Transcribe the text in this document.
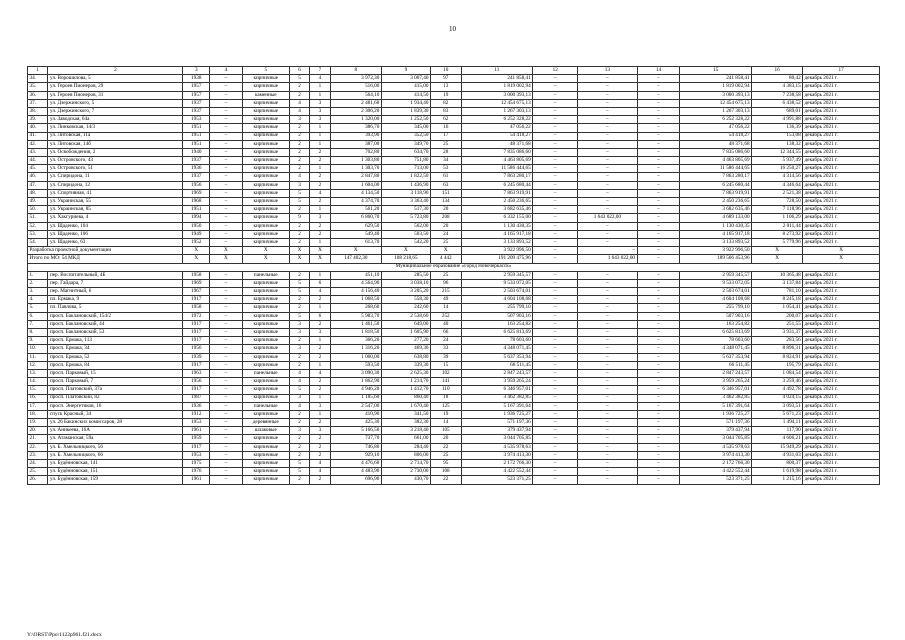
10
1	2	3	4	5	6	7	8	9	10	11	12	13	14	15	16	17
34.	ул. Ворошилова, 5	1938	–	кирпичные	5	4	3 972,30	3 007,40	97	241 858,41	–	–	–	241 858,41	80,42	декабрь 2021 г.
35.	ул. Героев Пионеров, 29	1957	–	кирпичные	2	1	516,00	415,00	13	1 819 002,94	–	–	–	1 819 002,94	4 383,15	декабрь 2021 г.
36.	ул. Героев Пионеров, 31	1957	–	каменные	2	1	564,10	414,50	19	3 000 393,13	–	–	–	3 000 393,13	7 238,58	декабрь 2021 г.
37.	ул. Дзержинского, 5	1937	–	кирпичные	4	3	2 481,60	1 934,40	82	12 454 675,13	–	–	–	12 454 675,13	6 438,52	декабрь 2021 г.
38.	ул. Дзержинского, 7	1937	–	кирпичные	4	3	2 306,20	1 839,30	83	1 267 303,13	–	–	–	1 267 303,13	689,01	декабрь 2021 г.
39.	ул. Заводская, 64а	1953	–	кирпичные	3	3	1 320,00	1 252,50	62	6 252 328,22	–	–	–	6 252 328,22	4 991,88	декабрь 2021 г.
40.	ул. Линковская, 14/3	1951	–	кирпичные	2	1	386,70	345,00	16	47 056,22	–	–	–	47 056,22	136,39	декабрь 2021 г.
41.	ул. Литовская, 11а	1951	–	кирпичные	2	1	393,90	352,50	17	54 418,27	–	–	–	54 418,27	153,08	декабрь 2021 г.
42.	ул. Литовская, 14б	1951	–	кирпичные	2	1	387,00	349,70	25	48 371,68	–	–	–	48 371,68	138,32	декабрь 2021 г.
43.	ул. Освобождения, 2	1940	–	кирпичные	2	2	702,80	634,70	28	7 835 086,60	–	–	–	7 835 086,60	12 344,55	декабрь 2021 г.
44.	ул. Островского, 43	1937	–	кирпичные	2	2	1 303,80	751,80	34	4 463 805,69	–	–	–	4 463 805,69	5 937,49	декабрь 2021 г.
45.	ул. Островского, 51	1936	–	кирпичные	2	1	1 303,70	713,00	53	11 586 444,65	–	–	–	11 586 444,65	16 250,27	декабрь 2021 г.
46.	ул. Спиридона, 11	1937	–	кирпичные	4	2	2 847,80	1 822,50	61	7 863 280,17	–	–	–	7 863 280,17	4 314,56	декабрь 2021 г.
47.	ул. Спиридона, 12	1956	–	кирпичные	3	2	1 604,00	1 436,90	63	6 245 680,44	–	–	–	6 245 680,44	4 346,64	декабрь 2021 г.
48.	ул. Спортивная, 41	1969	–	кирпичные	5	4	4 134,50	3 118,90	151	7 863 919,91	–	–	–	7 863 919,91	2 521,38	декабрь 2021 г.
49.	ул. Украинская, 55	1968	–	кирпичные	5	2	4 374,70	3 363,40	134	2 450 236,65	–	–	–	2 450 236,65	728,50	декабрь 2021 г.
50.	ул. Украинская, 85	1951	–	кирпичные	2	1	561,20	517,30	20	3 682 635,46	–	–	–	3 682 635,46	7 118,96	декабрь 2021 г.
51.	ул. Хакгуриева, 4	1994	–	кирпичные	9	3	6 860,70	5 723,80	208	6 332 155,00	–	1 643 022,00	–	4 689 133,00	1 106,29	декабрь 2021 г.
52.	ул. Щаденко, 104	1950	–	кирпичные	2	2	629,50	562,00	20	1 130 430,35	–	–	–	1 130 430,35	2 011,44	декабрь 2021 г.
53.	ул. Щаденко, 106	1949	–	кирпичные	2	2	549,40	503,50	24	4 165 917,18	–	–	–	4 165 917,18	8 273,92	декабрь 2021 г.
54.	ул. Щаденко, 63	1952	–	кирпичные	2	1	613,70	542,20	25	3 133 893,52	–	–	–	3 133 893,52	5 779,96	декабрь 2021 г.
Разработка проектной документации		X	X	X	X	X	X	X	X	3 922 996,50	–	–	–	3 922 996,50	X	X
Итого по МО: 54 МКД		X	X	X	X	X	147 402,30	108 218,65	4 442	191 209 475,96	–	1 643 022,00	–	189 566 453,96	X	X
Муниципальное образование «Город Новочеркасск»																
1.	пер. Воспитательный, 4Б	1958	–	панельные	2	1	451,10	285,50	25	2 959 345,57	–	–	–	2 959 345,57	10 365,48	декабрь 2021 г.
2.	пер. Гайдара, 7	1969	–	кирпичные	5	6	4 564,90	3 038,10	96	9 533 072,05	–	–	–	9 533 072,05	3 137,84	декабрь 2021 г.
3.	пер. Магнитный, 6	1967	–	кирпичные	5	4	4 156,40	3 205,20	215	2 503 674,01	–	–	–	2 503 674,01	781,10	декабрь 2021 г.
4.	пл. Ермака, 9	1917	–	кирпичные	2	2	1 068,50	558,30	49	4 604 108,68	–	–	–	4 604 108,68	8 245,18	декабрь 2021 г.
5.	пл. Павлова, 5	1958	–	кирпичные	2	1	268,60	242,60	14	255 799,10	–	–	–	255 799,10	1 054,41	декабрь 2021 г.
6.	просп. Баклановский, 154/2	1972	–	кирпичные	5	6	5 983,70	2 538,60	252	507 903,16	–	–	–	507 903,16	200,07	декабрь 2021 г.
7.	просп. Баклановский, 44	1917	–	кирпичные	3	2	1 461,50	649,00	40	163 254,82	–	–	–	163 254,82	251,55	декабрь 2021 г.
8.	просп. Баклановский, 53	1917	–	кирпичные	3	3	1 818,50	1 605,90	66	6 625 813,69	–	–	–	6 625 813,69	3 931,37	декабрь 2021 г.
9.	просп. Ермака, 113	1917	–	кирпичные	2	1	366,20	277,20	24	78 603,60	–	–	–	78 603,60	283,56	декабрь 2021 г.
10.	просп. Ермака, 34	1956	–	кирпичные	3	2	1 316,20	469,30	33	4 348 071,45	–	–	–	4 348 071,45	8 896,31	декабрь 2021 г.
11.	просп. Ермака, 52	1939	–	кирпичные	2	2	1 060,00	638,80	39	5 637 353,94	–	–	–	5 637 353,94	8 824,91	декабрь 2021 г.
12.	просп. Ермака, 84	1917	–	кирпичные	2	1	593,50	339,30	15	66 511,45	–	–	–	66 511,45	195,79	декабрь 2021 г.
13.	просп. Парковый, 15	1963	–	панельные	4	4	3 090,30	2 625,30	102	2 847 243,57	–	–	–	2 847 243,57	1 084,54	декабрь 2021 г.
14.	просп. Парковый, 7	1956	–	кирпичные	4	2	1 862,90	1 214,70	141	3 959 265,24	–	–	–	3 959 265,24	3 259,46	декабрь 2021 г.
15.	просп. Платовский, 37а	1917	–	кирпичные	5	2	4 946,20	1 412,70	110	6 346 957,01	–	–	–	6 346 957,01	4 492,78	декабрь 2021 г.
16.	просп. Платовский, 82	1987	–	кирпичные	3	1	1 185,60	860,40	18	3 462 382,85	–	–	–	3 462 382,85	4 024,15	декабрь 2021 г.
17.	просп. Энергетиков, 16	1936	–	панельные	4	3	2 547,00	1 670,40	125	5 167 391,64	–	–	–	5 167 391,64	3 093,51	декабрь 2021 г.
18.	спуск Красный, 34	1912	–	кирпичные	2	1	410,90	341,50	19	1 936 725,27	–	–	–	1 936 725,27	5 671,23	декабрь 2021 г.
19.	ул. 26 Бакинских комиссаров, 28	1953	–	деревянные	2	2	425,30	382,30	14	571 197,36	–	–	–	571 197,36	1 494,11	декабрь 2021 г.
20.	ул. Аникеева, 16А	1961	–	шлаковые	3	3	5 166,50	3 218,40	105	379 437,94	–	–	–	379 437,94	117,90	декабрь 2021 г.
21.	ул. Атаманская, 59а	1959	–	кирпичные	2	2	737,70	661,00	20	3 044 705,85	–	–	–	3 044 705,85	4 606,21	декабрь 2021 г.
22.	ул. Б. Хмельницкого, 56	1917	–	кирпичные	2	2	746,80	284,40	22	4 535 978,63	–	–	–	4 535 978,63	15 949,29	декабрь 2021 г.
23.	ул. Б. Хмельницкого, 66	1953	–	кирпичные	2	2	929,10	806,00	25	3 974 413,30	–	–	–	3 974 413,30	4 931,03	декабрь 2021 г.
24.	ул. Будённовская, 141	1975	–	кирпичные	5	4	4 476,60	2 714,70	95	2 172 766,30	–	–	–	2 172 766,30	800,37	декабрь 2021 г.
25.	ул. Будённовская, 151	1976	–	кирпичные	5	4	4 483,90	2 730,00	108	4 422 552,44	–	–	–	4 422 552,44	1 619,98	декабрь 2021 г.
26.	ул. Будённовская, 159	1961	–	кирпичные	2	2	696,90	430,70	22	523 371,25	–	–	–	523 371,25	1 215,16	декабрь 2021 г.
Y:\ORST\Ppo\1122p961.f21.docx
